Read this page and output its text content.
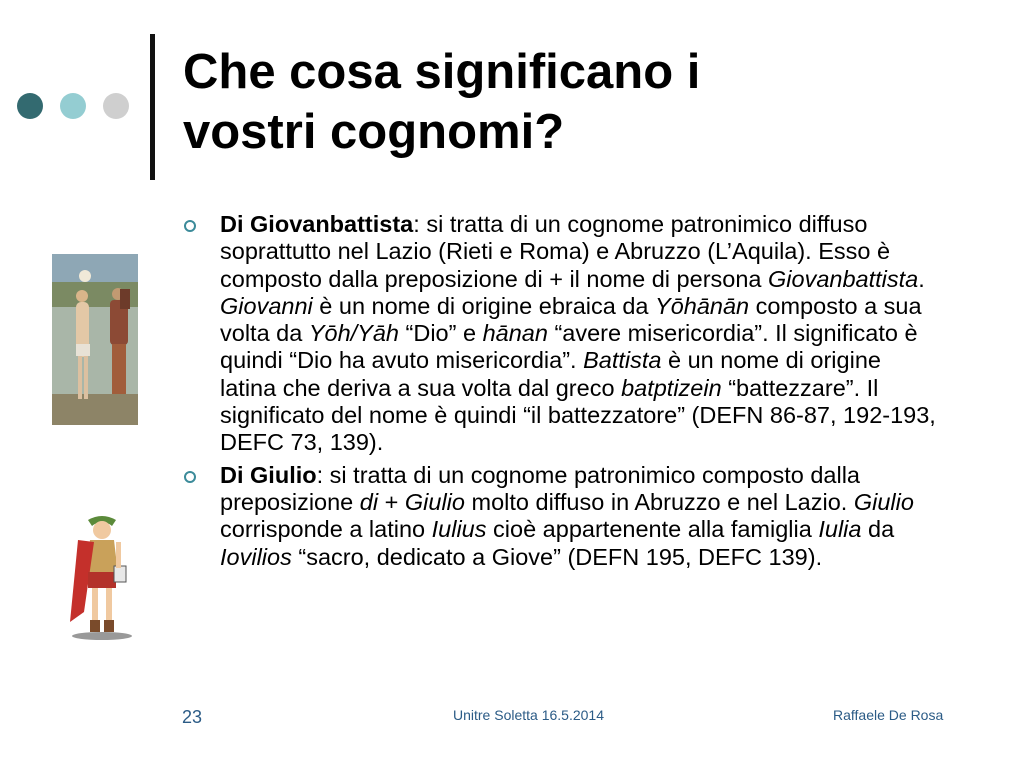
Che cosa significano i
vostri cognomi?
Di Giovanbattista: si tratta di un cognome patronimico diffuso soprattutto nel Lazio (Rieti e Roma) e Abruzzo (L’Aquila). Esso è composto dalla preposizione di + il nome di persona Giovanbattista. Giovanni è un nome di origine ebraica da Yōhānān composto a sua volta da Yōh/Yāh “Dio” e hānan “avere misericordia”. Il significato è quindi “Dio ha avuto misericordia”. Battista è un nome di origine latina che deriva a sua volta dal greco batptizein “battezzare”. Il significato del nome è quindi “il battezzatore” (DEFN 86-87, 192-193, DEFC 73, 139).
Di Giulio: si tratta di un cognome patronimico composto dalla preposizione di + Giulio molto diffuso in Abruzzo e nel Lazio. Giulio corrisponde a latino Iulius cioè appartenente alla famiglia Iulia da Iovilios “sacro, dedicato a Giove” (DEFN 195, DEFC 139).
23	Unitre Soletta 16.5.2014	Raffaele De Rosa
